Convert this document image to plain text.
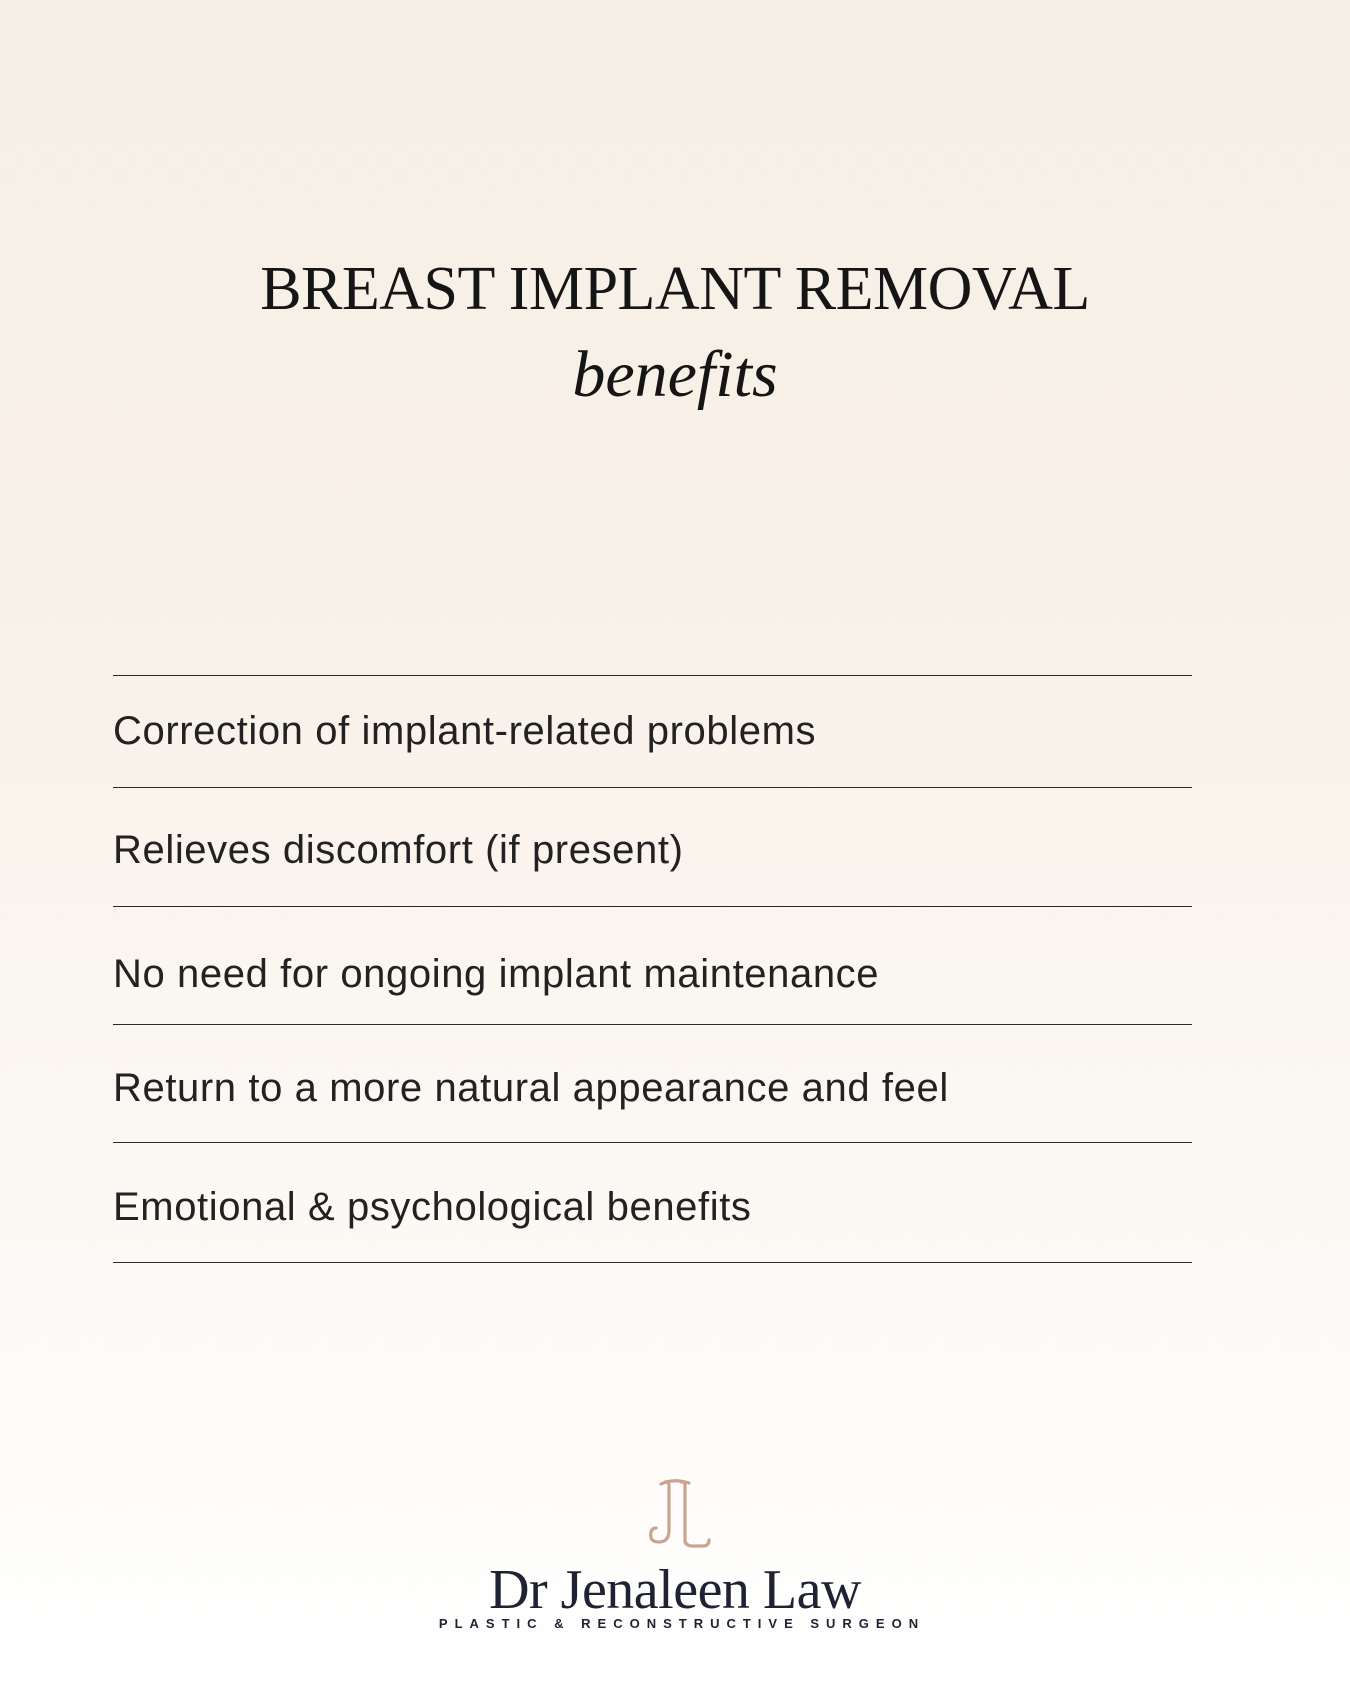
BREAST IMPLANT REMOVAL
benefits
Correction of implant-related problems
Relieves discomfort (if present)
No need for ongoing implant maintenance
Return to a more natural appearance and feel
Emotional & psychological benefits
Dr Jenaleen Law
PLASTIC & RECONSTRUCTIVE SURGEON
